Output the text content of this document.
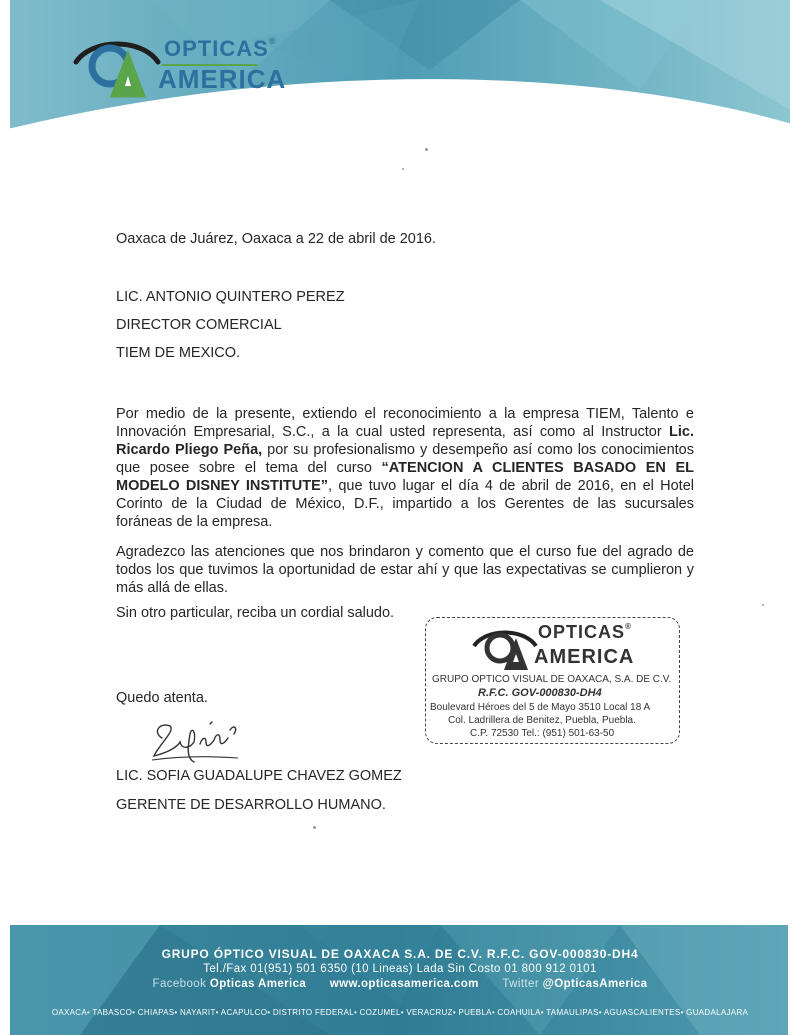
OPTICAS®
AMERICA
Oaxaca de Juárez, Oaxaca a 22 de abril de 2016.
LIC. ANTONIO QUINTERO PEREZ
DIRECTOR COMERCIAL
TIEM DE MEXICO.
Por medio de la presente, extiendo el reconocimiento a la empresa TIEM, Talento e Innovación Empresarial, S.C., a la cual usted representa, así como al Instructor Lic. Ricardo Pliego Peña, por su profesionalismo y desempeño así como los conocimientos que posee sobre el tema del curso “ATENCION A CLIENTES BASADO EN EL MODELO DISNEY INSTITUTE”, que tuvo lugar el día 4 de abril de 2016, en el Hotel Corinto de la Ciudad de México, D.F., impartido a los Gerentes de las sucursales foráneas de la empresa.
Agradezco las atenciones que nos brindaron y comento que el curso fue del agrado de todos los que tuvimos la oportunidad de estar ahí y que las expectativas se cumplieron y más allá de ellas.
Sin otro particular, reciba un cordial saludo.
Quedo atenta.
LIC. SOFIA GUADALUPE CHAVEZ GOMEZ
GERENTE DE DESARROLLO HUMANO.
OPTICAS®
AMERICA
GRUPO OPTICO VISUAL DE OAXACA, S.A. DE C.V.
R.F.C. GOV-000830-DH4
Boulevard Héroes del 5 de Mayo 3510 Local 18 A
Col. Ladrillera de Benitez, Puebla, Puebla.
C.P. 72530 Tel.: (951) 501-63-50
GRUPO ÓPTICO VISUAL DE OAXACA S.A. DE C.V. R.F.C. GOV-000830-DH4
Tel./Fax 01(951) 501 6350 (10 Lineas) Lada Sin Costo 01 800 912 0101
Facebook Opticas America www.opticasamerica.com Twitter @OpticasAmerica
OAXACA• TABASCO• CHIAPAS• NAYARIT• ACAPULCO• DISTRITO FEDERAL• COZUMEL• VERACRUZ• PUEBLA• COAHUILA• TAMAULIPAS• AGUASCALIENTES• GUADALAJARA
